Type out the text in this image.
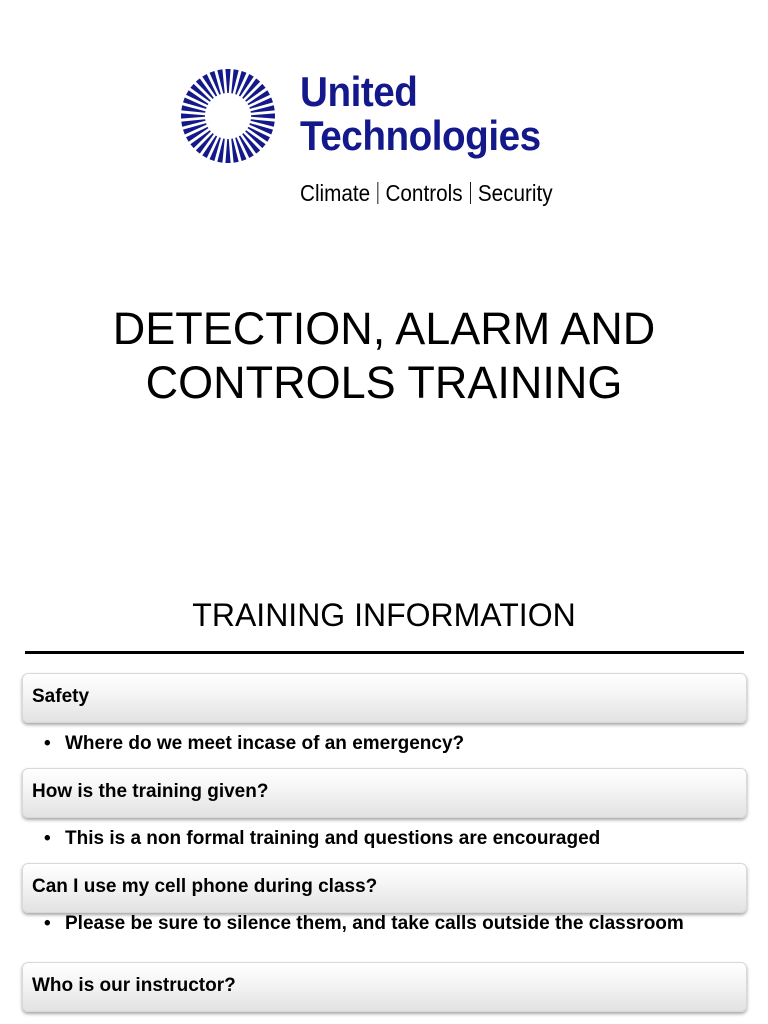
United
Technologies
Climate Controls Security
DETECTION, ALARM AND
CONTROLS TRAINING
TRAINING INFORMATION
Safety
• Where do we meet incase of an emergency?
How is the training given?
• This is a non formal training and questions are encouraged
Can I use my cell phone during class?
• Please be sure to silence them, and take calls outside the classroom
Who is our instructor?
